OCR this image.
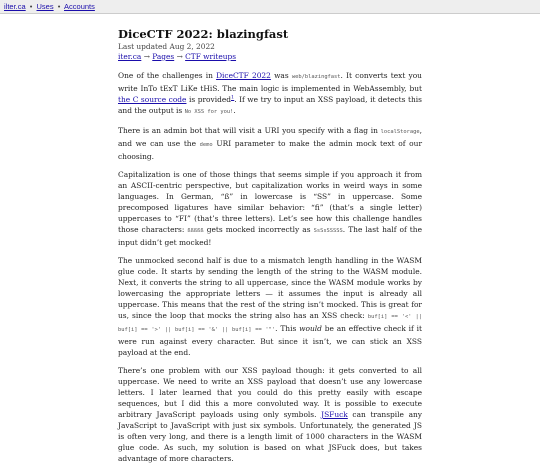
ilter.ca • Uses • Accounts
DiceCTF 2022: blazingfast
Last updated Aug 2, 2022
iter.ca → Pages → CTF writeups

One of the challenges in DiceCTF 2022 was web/blazingfast. It converts text you write InTo tExT LiKe tHiS. The main logic is implemented in WebAssembly, but the C source code is provided$^1$. If we try to input an XSS payload, it detects this and the output is No XSS for you!.

There is an admin bot that will visit a URI you specify with a flag in localStorage, and we can use the demo URI parameter to make the admin mock text of our choosing.

Capitalization is one of those things that seems simple if you approach it from an ASCII-centric perspective, but capitalization works in weird ways in some languages. In German, “ß” in lowercase is “SS” in uppercase. Some precomposed ligatures have similar behavior: “ﬁ” (that’s a single letter) uppercases to “FI” (that’s three letters). Let’s see how this challenge handles those characters: ßßßßß gets mocked incorrectly as SsSsSSSSS. The last half of the input didn’t get mocked!

The unmocked second half is due to a mismatch length handling in the WASM glue code. It starts by sending the length of the string to the WASM module. Next, it converts the string to all uppercase, since the WASM module works by lowercasing the appropriate letters — it assumes the input is already all uppercase. This means that the rest of the string isn’t mocked. This is great for us, since the loop that mocks the string also has an XSS check: buf[i] == '<' || buf[i] == '>' || buf[i] == '&' || buf[i] == '"'. This would be an effective check if it were run against every character. But since it isn’t, we can stick an XSS payload at the end.

There’s one problem with our XSS payload though: it gets converted to all uppercase. We need to write an XSS payload that doesn’t use any lowercase letters. I later learned that you could do this pretty easily with escape sequences, but I did this a more convoluted way. It is possible to execute arbitrary JavaScript payloads using only symbols. JSFuck can transpile any JavaScript to JavaScript with just six symbols. Unfortunately, the generated JS is often very long, and there is a length limit of 1000 characters in the WASM glue code. As such, my solution is based on what JSFuck does, but takes advantage of more characters.
